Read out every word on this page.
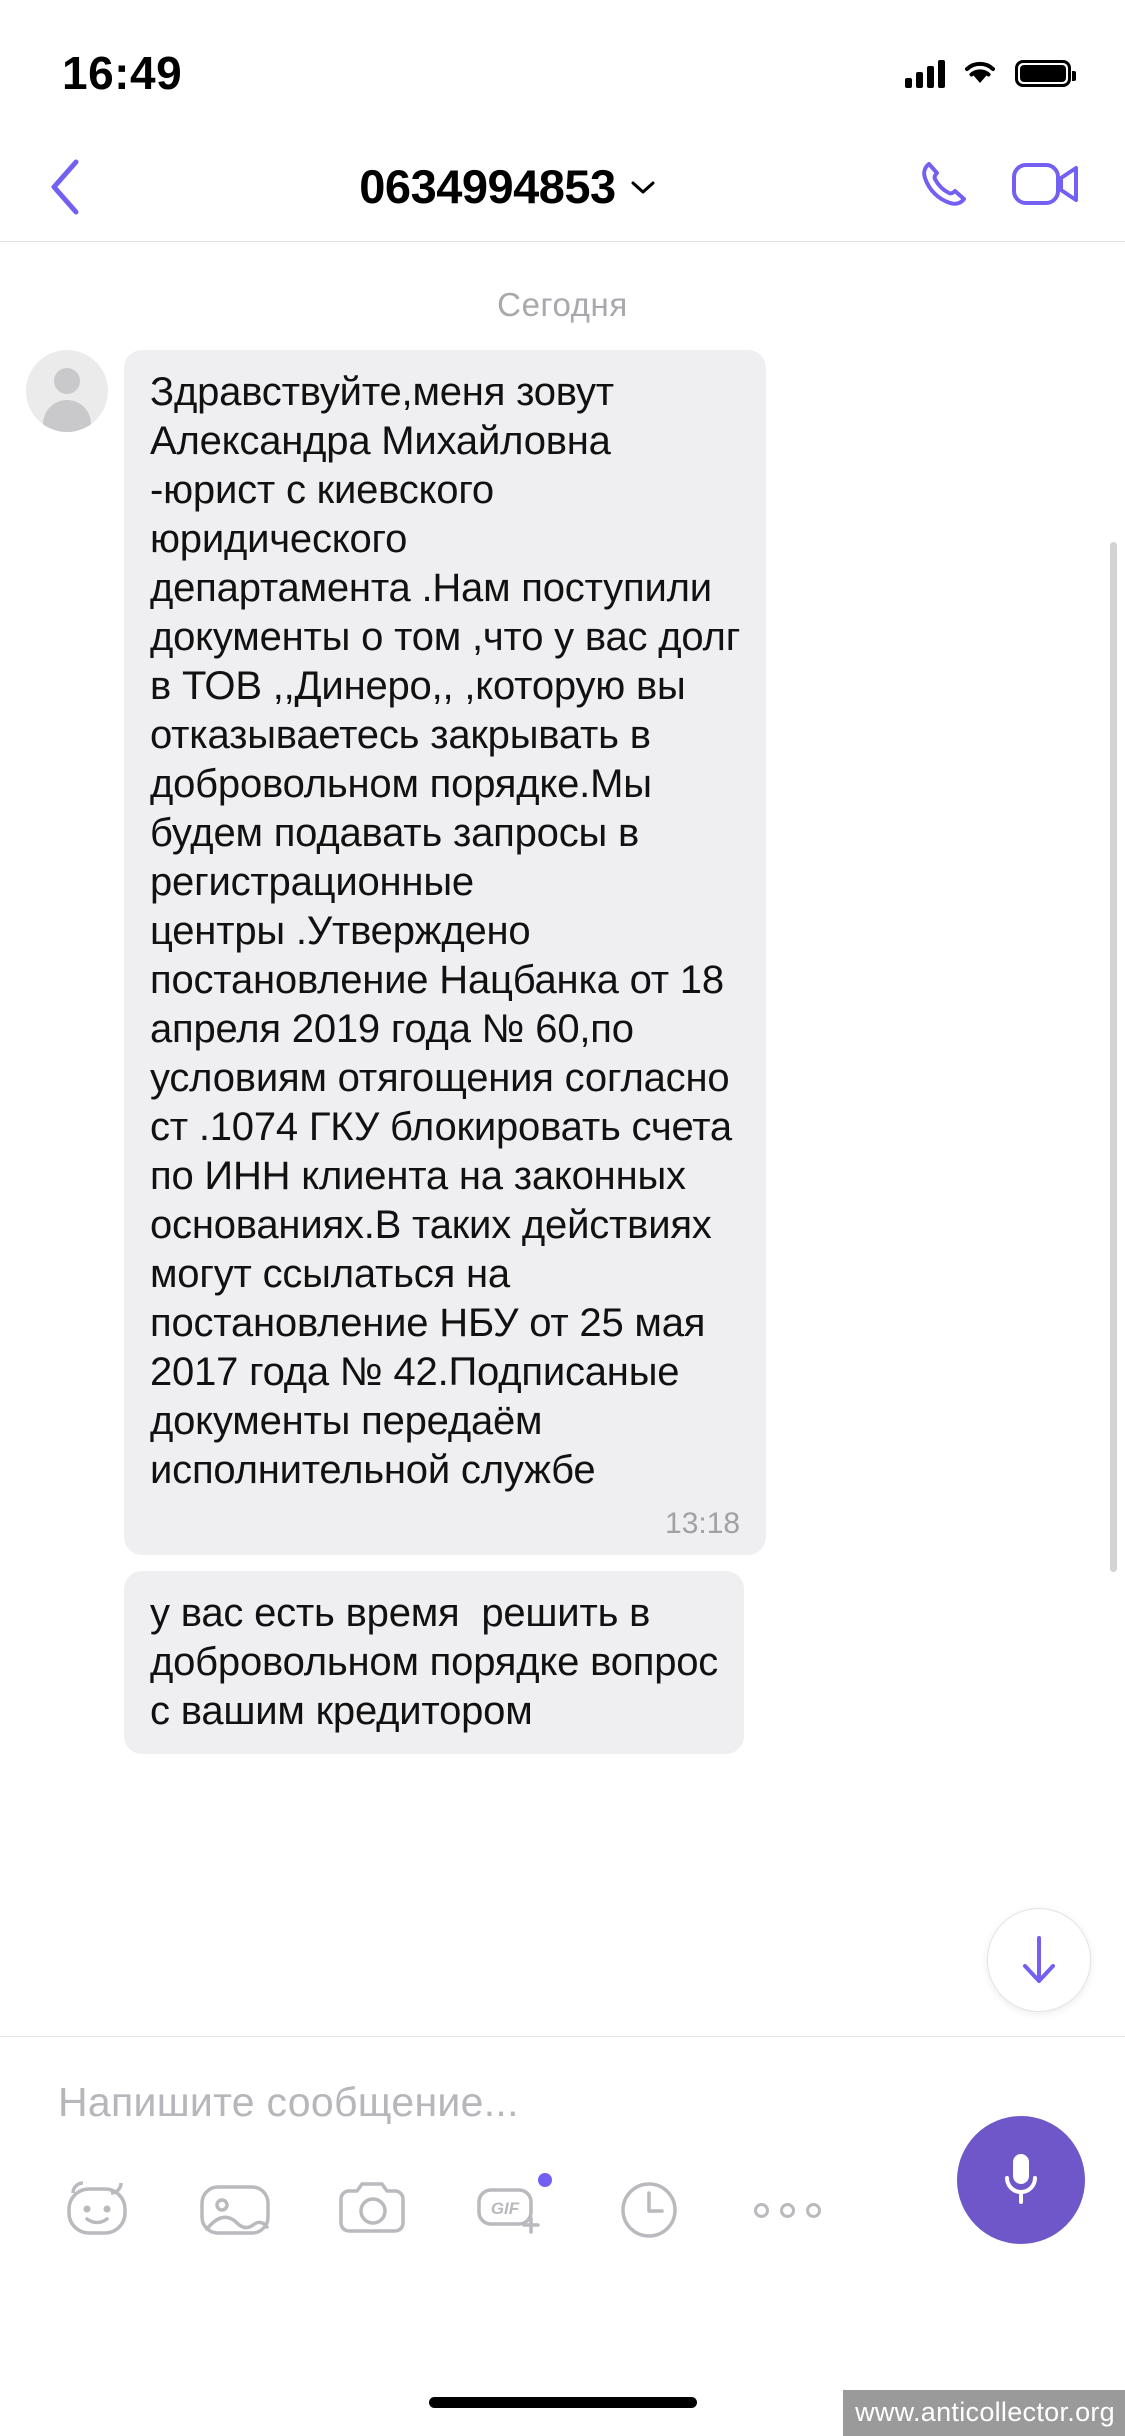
16:49
0634994853
Сегодня

Здравствуйте,меня зовут
Александра Михайловна
-юрист с киевского
юридического
департамента .Нам поступили
документы о том ,что у вас долг
в ТОВ ,,Динеро,, ,которую вы
отказываетесь закрывать в
добровольном порядке.Мы
будем подавать запросы в
регистрационные
центры .Утверждено
постановление Нацбанка от 18
апреля 2019 года № 60,по
условиям отягощения согласно
ст .1074 ГКУ блокировать счета
по ИНН клиента на законных
основаниях.В таких действиях
могут ссылаться на
постановление НБУ от 25 мая
2017 года № 42.Подписаные
документы передаём
исполнительной службе

13:18

у вас есть время  решить в
добровольном порядке вопрос
с вашим кредитором

Напишите сообщение...
GIF
www.anticollector.org
